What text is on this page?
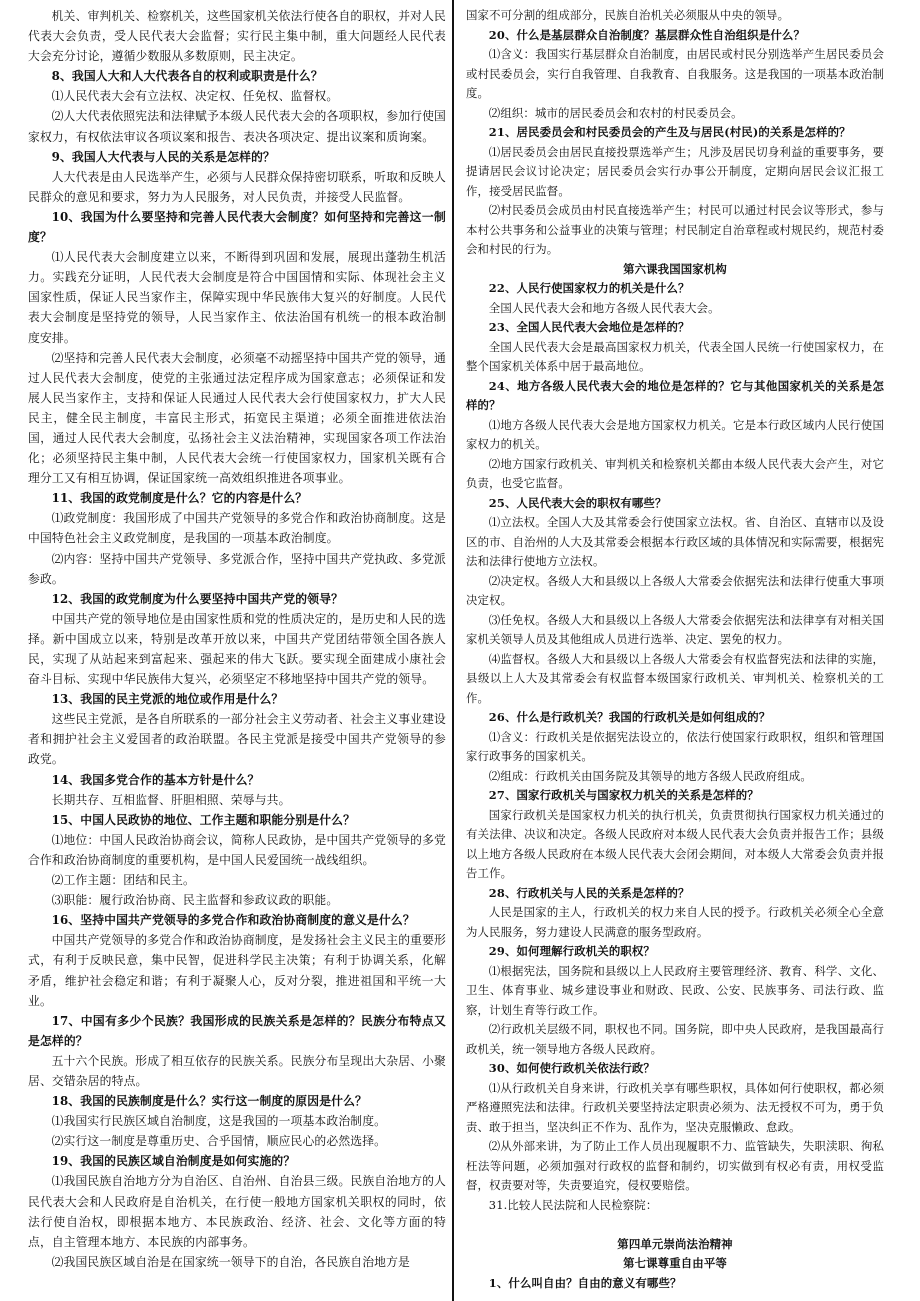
机关、审判机关、检察机关，这些国家机关依法行使各自的职权，并对人民代表大会负责，受人民代表大会监督；实行民主集中制，重大问题经人民代表大会充分讨论，遵循少数服从多数原则，民主决定。
8、我国人大和人大代表各自的权利或职责是什么？
⑴人民代表大会有立法权、决定权、任免权、监督权。
⑵人大代表依照宪法和法律赋予本级人民代表大会的各项职权，参加行使国家权力，有权依法审议各项议案和报告、表决各项决定、提出议案和质询案。
9、我国人大代表与人民的关系是怎样的？
人大代表是由人民选举产生，必须与人民群众保持密切联系，听取和反映人民群众的意见和要求，努力为人民服务，对人民负责，并接受人民监督。
10、我国为什么要坚持和完善人民代表大会制度？如何坚持和完善这一制度？
⑴人民代表大会制度建立以来，不断得到巩固和发展，展现出蓬勃生机活力。实践充分证明，人民代表大会制度是符合中国国情和实际、体现社会主义国家性质，保证人民当家作主，保障实现中华民族伟大复兴的好制度。人民代表大会制度是坚持党的领导，人民当家作主、依法治国有机统一的根本政治制度安排。
⑵坚持和完善人民代表大会制度，必须毫不动摇坚持中国共产党的领导，通过人民代表大会制度，使党的主张通过法定程序成为国家意志；必须保证和发展人民当家作主，支持和保证人民通过人民代表大会行使国家权力，扩大人民民主，健全民主制度，丰富民主形式，拓宽民主渠道；必须全面推进依法治国，通过人民代表大会制度，弘扬社会主义法治精神，实现国家各项工作法治化；必须坚持民主集中制，人民代表大会统一行使国家权力，国家机关既有合理分工又有相互协调，保证国家统一高效组织推进各项事业。
11、我国的政党制度是什么？它的内容是什么？
⑴政党制度：我国形成了中国共产党领导的多党合作和政治协商制度。这是中国特色社会主义政党制度，是我国的一项基本政治制度。
⑵内容：坚持中国共产党领导、多党派合作，坚持中国共产党执政、多党派参政。
12、我国的政党制度为什么要坚持中国共产党的领导？
中国共产党的领导地位是由国家性质和党的性质决定的，是历史和人民的选择。新中国成立以来，特别是改革开放以来，中国共产党团结带领全国各族人民，实现了从站起来到富起来、强起来的伟大飞跃。要实现全面建成小康社会奋斗目标、实现中华民族伟大复兴，必须坚定不移地坚持中国共产党的领导。
13、我国的民主党派的地位或作用是什么？
这些民主党派，是各自所联系的一部分社会主义劳动者、社会主义事业建设者和拥护社会主义爱国者的政治联盟。各民主党派是接受中国共产党领导的参政党。
14、我国多党合作的基本方针是什么？
长期共存、互相监督、肝胆相照、荣辱与共。
15、中国人民政协的地位、工作主题和职能分别是什么？
⑴地位：中国人民政治协商会议，简称人民政协，是中国共产党领导的多党合作和政治协商制度的重要机构，是中国人民爱国统一战线组织。
⑵工作主题：团结和民主。
⑶职能：履行政治协商、民主监督和参政议政的职能。
16、坚持中国共产党领导的多党合作和政治协商制度的意义是什么？
中国共产党领导的多党合作和政治协商制度，是发扬社会主义民主的重要形式，有利于反映民意，集中民智，促进科学民主决策；有利于协调关系，化解矛盾，维护社会稳定和谐；有利于凝聚人心，反对分裂，推进祖国和平统一大业。
17、中国有多少个民族？我国形成的民族关系是怎样的？民族分布特点又是怎样的？
五十六个民族。形成了相互依存的民族关系。民族分布呈现出大杂居、小聚居、交错杂居的特点。
18、我国的民族制度是什么？实行这一制度的原因是什么？
⑴我国实行民族区域自治制度，这是我国的一项基本政治制度。
⑵实行这一制度是尊重历史、合乎国情，顺应民心的必然选择。
19、我国的民族区域自治制度是如何实施的？
⑴我国民族自治地方分为自治区、自治州、自治县三级。民族自治地方的人民代表大会和人民政府是自治机关，在行使一般地方国家机关职权的同时，依法行使自治权，即根据本地方、本民族政治、经济、社会、文化等方面的特点，自主管理本地方、本民族的内部事务。
⑵我国民族区域自治是在国家统一领导下的自治，各民族自治地方是
国家不可分割的组成部分，民族自治机关必须服从中央的领导。
20、什么是基层群众自治制度？基层群众性自治组织是什么？
⑴含义：我国实行基层群众自治制度，由居民或村民分别选举产生居民委员会或村民委员会，实行自我管理、自我教育、自我服务。这是我国的一项基本政治制度。
⑵组织：城市的居民委员会和农村的村民委员会。
21、居民委员会和村民委员会的产生及与居民(村民)的关系是怎样的？
⑴居民委员会由居民直接投票选举产生；凡涉及居民切身利益的重要事务，要提请居民会议讨论决定；居民委员会实行办事公开制度，定期向居民会议汇报工作，接受居民监督。
⑵村民委员会成员由村民直接选举产生；村民可以通过村民会议等形式，参与本村公共事务和公益事业的决策与管理；村民制定自治章程或村规民约，规范村委会和村民的行为。
第六课我国国家机构
22、人民行使国家权力的机关是什么？
全国人民代表大会和地方各级人民代表大会。
23、全国人民代表大会地位是怎样的？
全国人民代表大会是最高国家权力机关，代表全国人民统一行使国家权力，在整个国家机关体系中居于最高地位。
24、地方各级人民代表大会的地位是怎样的？它与其他国家机关的关系是怎样的？
⑴地方各级人民代表大会是地方国家权力机关。它是本行政区域内人民行使国家权力的机关。
⑵地方国家行政机关、审判机关和检察机关都由本级人民代表大会产生，对它负责，也受它监督。
25、人民代表大会的职权有哪些？
⑴立法权。全国人大及其常委会行使国家立法权。省、自治区、直辖市以及设区的市、自治州的人大及其常委会根据本行政区域的具体情况和实际需要，根据宪法和法律行使地方立法权。
⑵决定权。各级人大和县级以上各级人大常委会依据宪法和法律行使重大事项决定权。
⑶任免权。各级人大和县级以上各级人大常委会依据宪法和法律享有对相关国家机关领导人员及其他组成人员进行选举、决定、罢免的权力。
⑷监督权。各级人大和县级以上各级人大常委会有权监督宪法和法律的实施，县级以上人大及其常委会有权监督本级国家行政机关、审判机关、检察机关的工作。
26、什么是行政机关？我国的行政机关是如何组成的？
⑴含义：行政机关是依据宪法设立的，依法行使国家行政职权，组织和管理国家行政事务的国家机关。
⑵组成：行政机关由国务院及其领导的地方各级人民政府组成。
27、国家行政机关与国家权力机关的关系是怎样的？
国家行政机关是国家权力机关的执行机关，负责贯彻执行国家权力机关通过的有关法律、决议和决定。各级人民政府对本级人民代表大会负责并报告工作；县级以上地方各级人民政府在本级人民代表大会闭会期间，对本级人大常委会负责并报告工作。
28、行政机关与人民的关系是怎样的？
人民是国家的主人，行政机关的权力来自人民的授予。行政机关必须全心全意为人民服务，努力建设人民满意的服务型政府。
29、如何理解行政机关的职权？
⑴根据宪法，国务院和县级以上人民政府主要管理经济、教育、科学、文化、卫生、体育事业、城乡建设事业和财政、民政、公安、民族事务、司法行政、监察，计划生育等行政工作。
⑵行政机关层级不同，职权也不同。国务院，即中央人民政府，是我国最高行政机关，统一领导地方各级人民政府。
30、如何使行政机关依法行政？
⑴从行政机关自身来讲，行政机关享有哪些职权，具体如何行使职权，都必须严格遵照宪法和法律。行政机关要坚持法定职责必须为、法无授权不可为，勇于负责、敢于担当，坚决纠正不作为、乱作为，坚决克服懒政、怠政。
⑵从外部来讲，为了防止工作人员出现履职不力、监管缺失，失职渎职、徇私枉法等问题，必须加强对行政权的监督和制约，切实做到有权必有责，用权受监督，权责要对等，失责要追究，侵权要赔偿。
31.比较人民法院和人民检察院：
第四单元崇尚法治精神
第七课尊重自由平等
1、什么叫自由？自由的意义有哪些？
